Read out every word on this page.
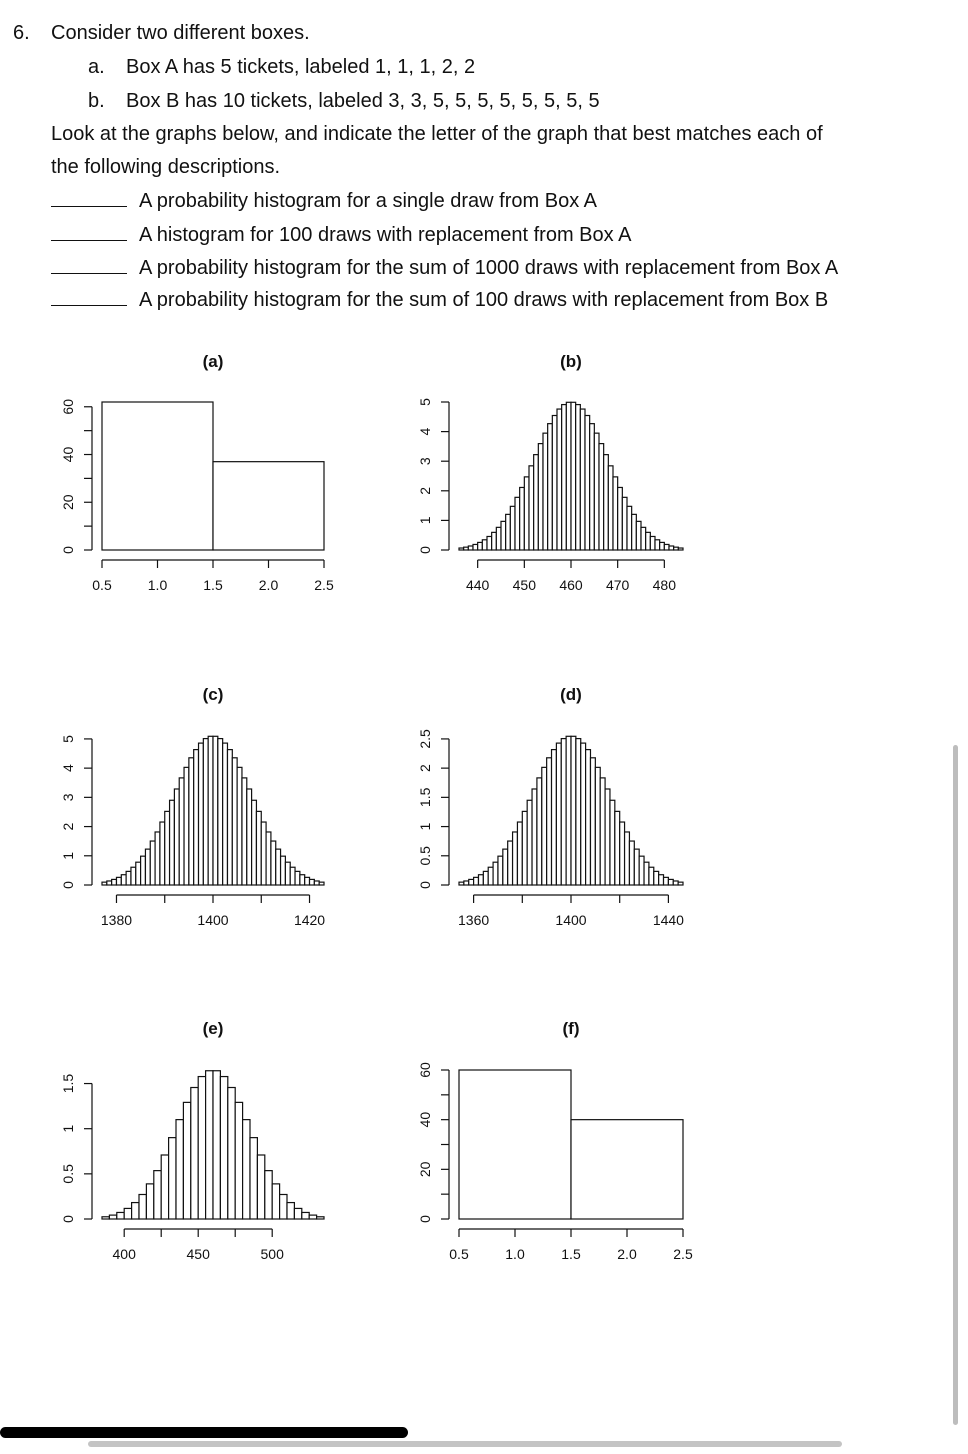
6. Consider two different boxes.
a. Box A has 5 tickets, labeled 1, 1, 1, 2, 2
b. Box B has 10 tickets, labeled 3, 3, 5, 5, 5, 5, 5, 5, 5, 5
Look at the graphs below, and indicate the letter of the graph that best matches each of
the following descriptions.
A probability histogram for a single draw from Box A
A histogram for 100 draws with replacement from Box A
A probability histogram for the sum of 1000 draws with replacement from Box A
A probability histogram for the sum of 100 draws with replacement from Box B
(a)
0.5	1.0	1.5	2.0	2.5
0
20
40
60
(b)
440 450 460 470 480
0
1
2
3
4
5
(c)
1380	1400	1420
0
1
2
3
4
5
(d)
1360	1400	1440
0
0.5
1
1.5
2
2.5
(e)
400	450	500
0
0.5
1
1.5
(f)
0.5	1.0	1.5	2.0	2.5
0
20
40
60
